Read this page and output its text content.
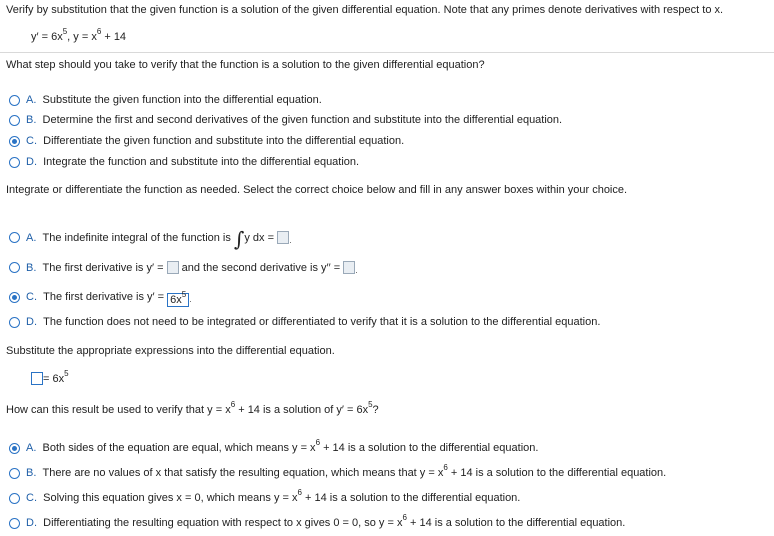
Verify by substitution that the given function is a solution of the given differential equation. Note that any primes denote derivatives with respect to x.
$y' = 6x^5$, $y = x^6 + 14$
What step should you take to verify that the function is a solution to the given differential equation?
A. Substitute the given function into the differential equation.
B. Determine the first and second derivatives of the given function and substitute into the differential equation.
C. Differentiate the given function and substitute into the differential equation.
D. Integrate the function and substitute into the differential equation.
Integrate or differentiate the function as needed. Select the correct choice below and fill in any answer boxes within your choice.
A. The indefinite integral of the function is ∫y dx =
B. The first derivative is y′ = and the second derivative is y′′ =
C. The first derivative is $y' = 6x^5$
D. The function does not need to be integrated or differentiated to verify that it is a solution to the differential equation.
Substitute the appropriate expressions into the differential equation.
= $6x^5$
How can this result be used to verify that $y = x^6 + 14$ is a solution of $y' = 6x^5$?
A. Both sides of the equation are equal, which means $y = x^6 + 14$ is a solution to the differential equation.
B. There are no values of x that satisfy the resulting equation, which means that $y = x^6 + 14$ is a solution to the differential equation.
C. Solving this equation gives x = 0, which means $y = x^6 + 14$ is a solution to the differential equation.
D. Differentiating the resulting equation with respect to x gives 0 = 0, so $y = x^6 + 14$ is a solution to the differential equation.
